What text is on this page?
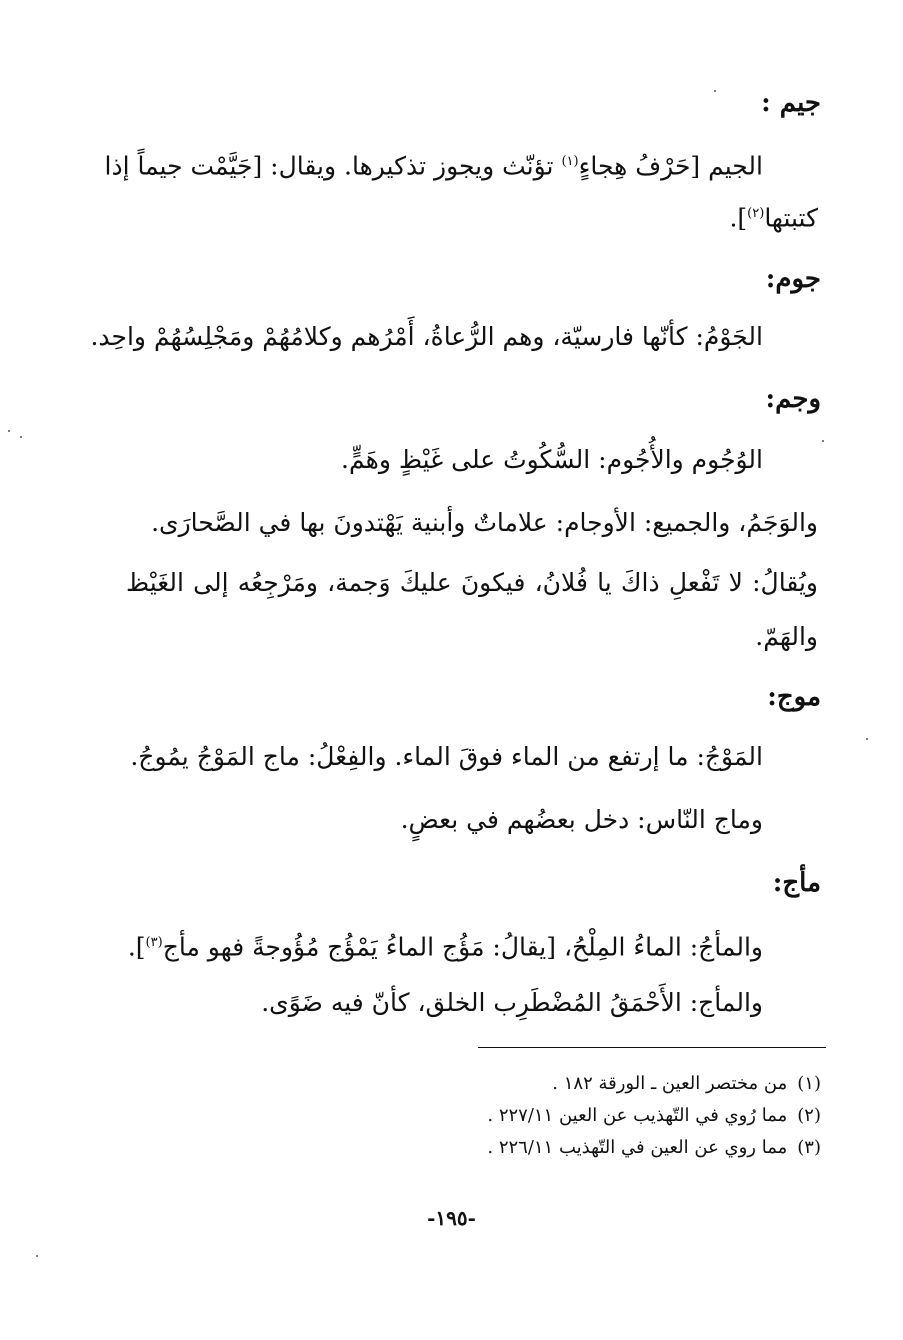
جيم :
الجيم [حَرْفُ هِجاءٍ$^{(١)}$ تؤنّث ويجوز تذكيرها. ويقال: [جَيَّمْت جيماً إذا
كتبتها$^{(٢)}$].
جوم:
الجَوْمُ: كأنّها فارسيّة، وهم الرُّعاةُ، أَمْرُهم وكلامُهُمْ ومَجْلِسُهُمْ واحِد.
وجم:
الوُجُوم والأُجُوم: السُّكُوتُ على غَيْظٍ وهَمٍّ.
والوَجَمُ، والجميع: الأوجام: علاماتٌ وأبنية يَهْتدونَ بها في الصَّحارَى.
ويُقالُ: لا تَفْعلِ ذاكَ يا فُلانُ، فيكونَ عليكَ وَجمة، ومَرْجِعُه إلى الغَيْظ
والهَمّ.
موج:
المَوْجُ: ما إرتفع من الماء فوقَ الماء. والفِعْلُ: ماج المَوْجُ يمُوجُ.
وماج النّاس: دخل بعضُهم في بعضٍ.
مأج:
والمأجُ: الماءُ المِلْحُ، [يقالُ: مَؤُج الماءُ يَمْؤُج مُؤُوجةً فهو مأج$^{(٣)}$].
والمأج: الأَحْمَقُ المُضْطَرِب الخلق، كأنّ فيه ضَوًى.
(١)من مختصر العين ـ الورقة ١٨٢ .
(٢)مما رُوي في التّهذيب عن العين ٢٢٧/١١ .
(٣)مما روي عن العين في التّهذيب ٢٢٦/١١ .
-١٩٥-
